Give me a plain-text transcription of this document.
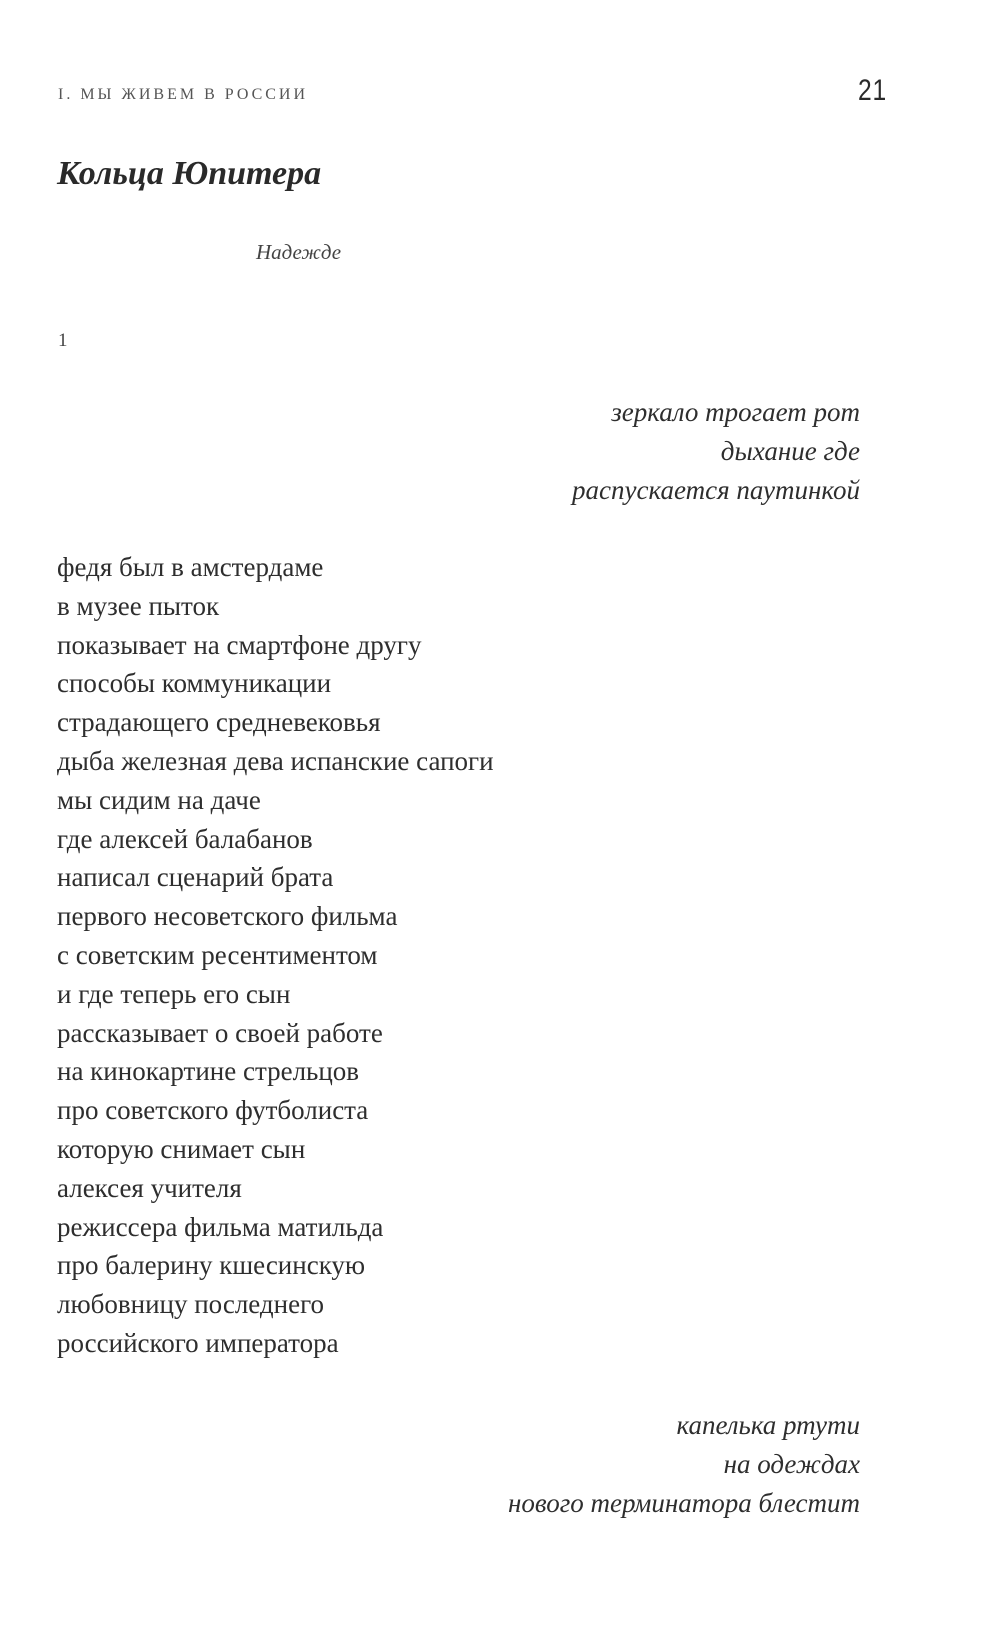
I. МЫ ЖИВЕМ В РОССИИ	21
Кольца Юпитера
Надежде
1
зеркало трогает рот
дыхание где
распускается паутинкой
федя был в амстердаме
в музее пыток
показывает на смартфоне другу
способы коммуникации
страдающего средневековья
дыба железная дева испанские сапоги
мы сидим на даче
где алексей балабанов
написал сценарий брата
первого несоветского фильма
с советским ресентиментом
и где теперь его сын
рассказывает о своей работе
на кинокартине стрельцов
про советского футболиста
которую снимает сын
алексея учителя
режиссера фильма матильда
про балерину кшесинскую
любовницу последнего
российского императора
капелька ртути
на одеждах
нового терминатора блестит
